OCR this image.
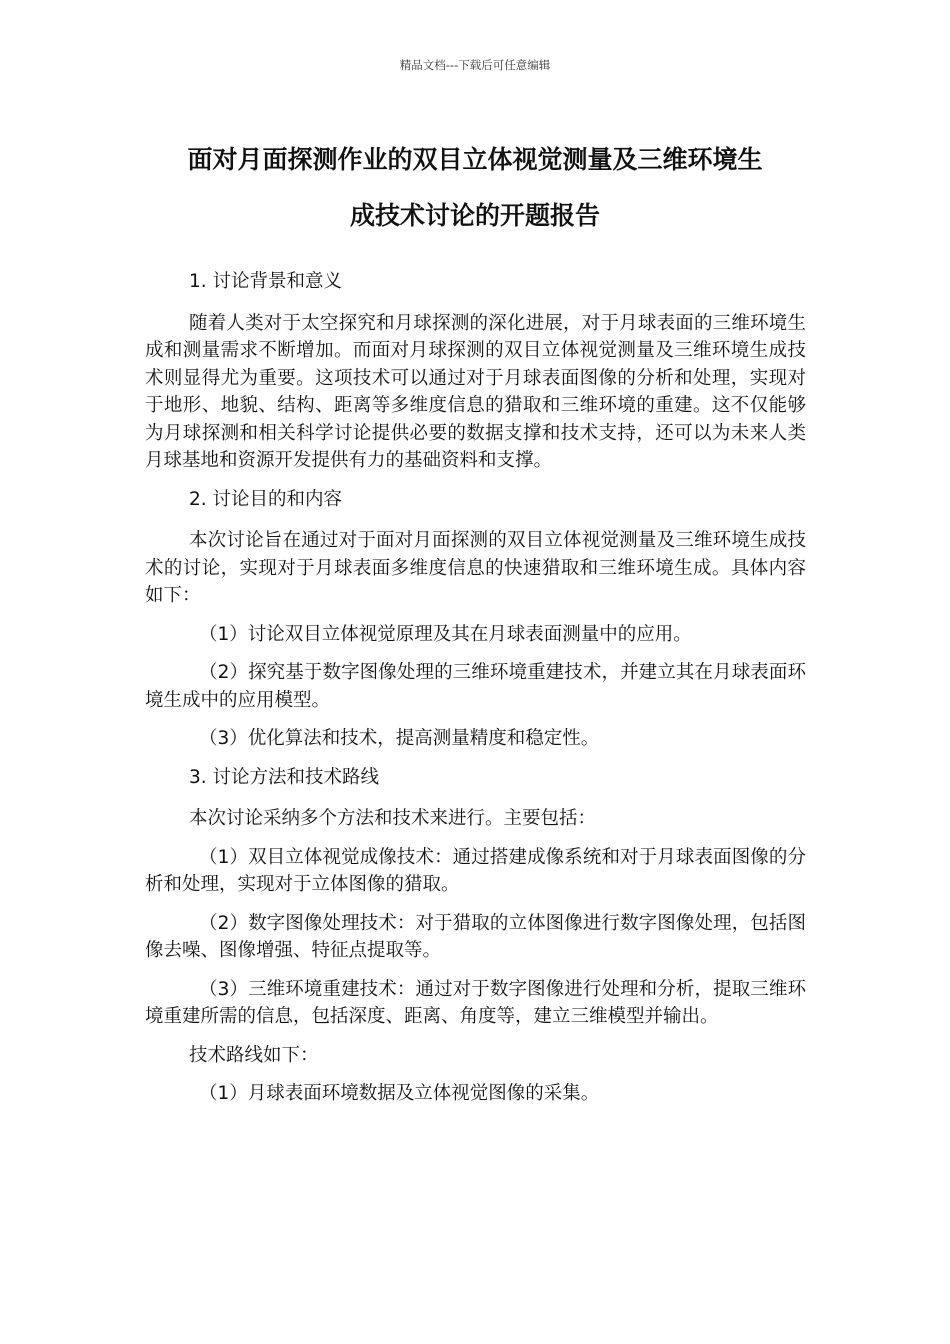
精品文档---下载后可任意编辑
面对月面探测作业的双目立体视觉测量及三维环境生
成技术讨论的开题报告

1. 讨论背景和意义

随着人类对于太空探究和月球探测的深化进展，对于月球表面的三维环境生成和测量需求不断增加。而面对月球探测的双目立体视觉测量及三维环境生成技术则显得尤为重要。这项技术可以通过对于月球表面图像的分析和处理，实现对于地形、地貌、结构、距离等多维度信息的猎取和三维环境的重建。这不仅能够为月球探测和相关科学讨论提供必要的数据支撑和技术支持，还可以为未来人类月球基地和资源开发提供有力的基础资料和支撑。

2. 讨论目的和内容

本次讨论旨在通过对于面对月面探测的双目立体视觉测量及三维环境生成技术的讨论，实现对于月球表面多维度信息的快速猎取和三维环境生成。具体内容如下：

（1）讨论双目立体视觉原理及其在月球表面测量中的应用。

（2）探究基于数字图像处理的三维环境重建技术，并建立其在月球表面环境生成中的应用模型。

（3）优化算法和技术，提高测量精度和稳定性。

3. 讨论方法和技术路线

本次讨论采纳多个方法和技术来进行。主要包括：

（1）双目立体视觉成像技术：通过搭建成像系统和对于月球表面图像的分析和处理，实现对于立体图像的猎取。

（2）数字图像处理技术：对于猎取的立体图像进行数字图像处理，包括图像去噪、图像增强、特征点提取等。

（3）三维环境重建技术：通过对于数字图像进行处理和分析，提取三维环境重建所需的信息，包括深度、距离、角度等，建立三维模型并输出。

技术路线如下：

（1）月球表面环境数据及立体视觉图像的采集。
